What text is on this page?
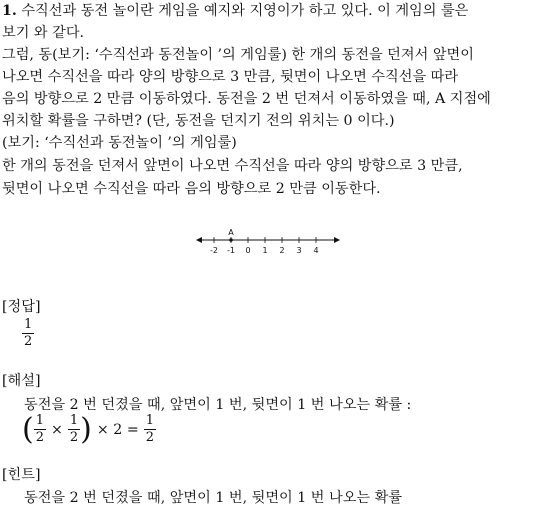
1. 수직선과 동전 놀이란 게임을 예지와 지영이가 하고 있다. 이 게임의 룰은
보기 와 같다.
그럼, 동(보기: ‘수직선과 동전놀이 ’의 게임룰) 한 개의 동전을 던져서 앞면이
나오면 수직선을 따라 양의 방향으로 3 만큼, 뒷면이 나오면 수직선을 따라
음의 방향으로 2 만큼 이동하였다. 동전을 2 번 던져서 이동하였을 때, A 지점에
위치할 확률을 구하면? (단, 동전을 던지기 전의 위치는 0 이다.)
(보기: ‘수직선과 동전놀이 ’의 게임룰)
한 개의 동전을 던져서 앞면이 나오면 수직선을 따라 양의 방향으로 3 만큼,
뒷면이 나오면 수직선을 따라 음의 방향으로 2 만큼 이동한다.
-2 -1 0 1 2 3 4
A
[정답]
$\frac{1}{2}$
[해설]
동전을 2 번 던졌을 때, 앞면이 1 번, 뒷면이 1 번 나오는 확률 :
( $\frac{1}{2} \times \frac{1}{2}$ ) × $2 = \frac{1}{2}$
[힌트]
동전을 2 번 던졌을 때, 앞면이 1 번, 뒷면이 1 번 나오는 확률
